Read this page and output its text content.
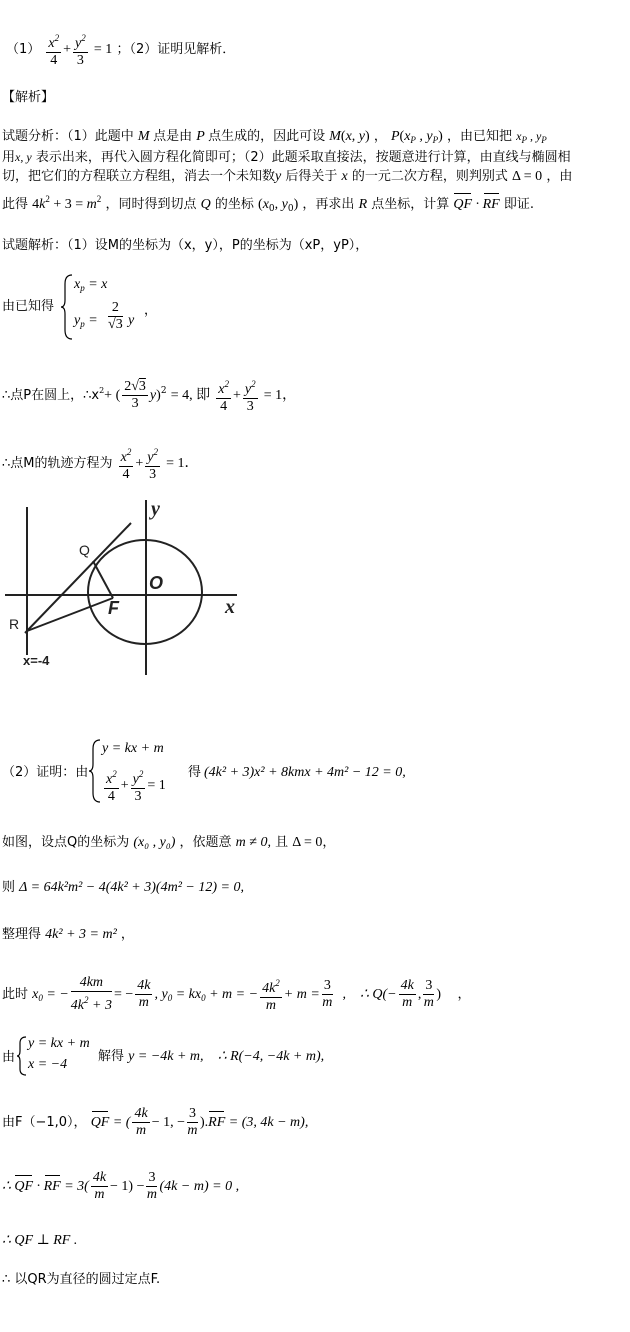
$(1) \frac{x^2}{4} + \frac{y^2}{3} = 1$ ；（2）证明见解析．
【解析】
试题分析：（1）此题中 M 点是由 P 点生成的，因此可设 M(x, y) ， $P(x_P$ , $y_P$) ，由已知把 $x_P$ , $y_P$
用x, y 表示出来，再代入圆方程化简即可；（2）此题采取直接法，按题意进行计算，由直线与椭圆相
切，把它们的方程联立方程组，消去一个未知数y 后得关于 x 的一元二次方程，则判别式 Δ = 0 ，由
此得 $4k^2 + 3 = m^2$ ，同时得到切点 Q 的坐标 ($x_0$, $y_0$) ，再求出 R 点坐标，计算 QF · RF 即证.
试题解析：（1）设M的坐标为（x，y），P的坐标为（xP，yP），
由已知得
$x_p = x$
$y_p = \frac{2}{√3}$ y
，
∴点P在圆上，$\therefore x^2+$ ( $\frac{2√3}{3} y)^2 = 4$, 即 $\frac{x^2}{4} + \frac{y^2}{3} = 1$，
∴点M的轨迹方程为 $\frac{x^2}{4} + \frac{y^2}{3} = 1$．
y
x
O
F
Q
R
x=-4
（2）证明：由
y = kx + m
$\frac{x^2}{4} + \frac{y^2}{3} = 1$
得 (4k² + 3)x² + 8kmx + 4m² − 12 = 0,
如图，设点Q的坐标为 (x₀ , y₀) ，依题意 m ≠ 0, 且 Δ = 0，
则 Δ = 64k²m² − 4(4k² + 3)(4m² − 12) = 0,
整理得 4k² + 3 = m² ，
此时 $x_0$ = − $\frac{4km}{4k^2 + 3}$ = − $\frac{4k}{m}$ , $y_0 = kx_0 + m$ = − $\frac{4k^2}{m} + m = \frac{3}{m}$ ,    ∴ $Q(- \frac{4k}{m}$ , $\frac{3}{m}$ )    ，
由
y = kx + m
x = −4
解得 y = −4k + m, ∴ R(−4, −4k + m),
由F（−1,0）， QF = ( $\frac{4k}{m} - 1$, − $\frac{3}{m} ).RF = (3$, 4k − m),
∴ QF · RF = $3( \frac{4k}{m} - 1) - \frac{3}{m} (4k - m) = 0$ ,
∴ QF ⊥ RF .
∴ 以QR为直径的圆过定点F.
